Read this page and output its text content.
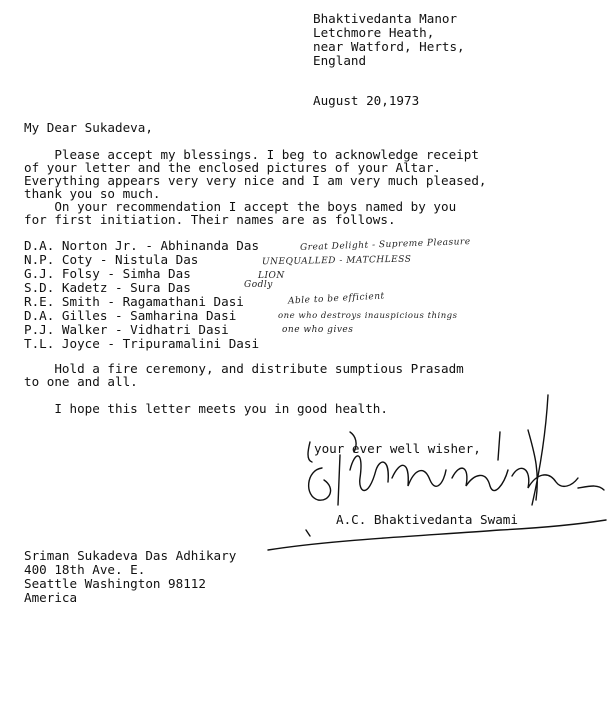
Bhaktivedanta Manor
Letchmore Heath,
near Watford, Herts,
England
August 20,1973
My Dear Sukadeva,
Please accept my blessings. I beg to acknowledge receipt
of your letter and the enclosed pictures of your Altar.
Everything appears very very nice and I am very much pleased,
thank you so much.
On your recommendation I accept the boys named by you
for first initiation. Their names are as follows.
D.A. Norton Jr. - Abhinanda Das	Great Delight - Supreme Pleasure
N.P. Coty - Nistula Das	UNEQUALLED - MATCHLESS
G.J. Folsy - Simha Das	LION
S.D. Kadetz - Sura Das	Godly
R.E. Smith - Ragamathani Dasi	Able to be efficient
D.A. Gilles - Samharina Dasi	one who destroys inauspicious things
P.J. Walker - Vidhatri Dasi	one who gives
T.L. Joyce - Tripuramalini Dasi
Hold a fire ceremony, and distribute sumptious Prasadm
to one and all.
I hope this letter meets you in good health.
your ever well wisher,
A.C. Bhaktivedanta Swami
Sriman Sukadeva Das Adhikary
400 18th Ave. E.
Seattle Washington 98112
America
